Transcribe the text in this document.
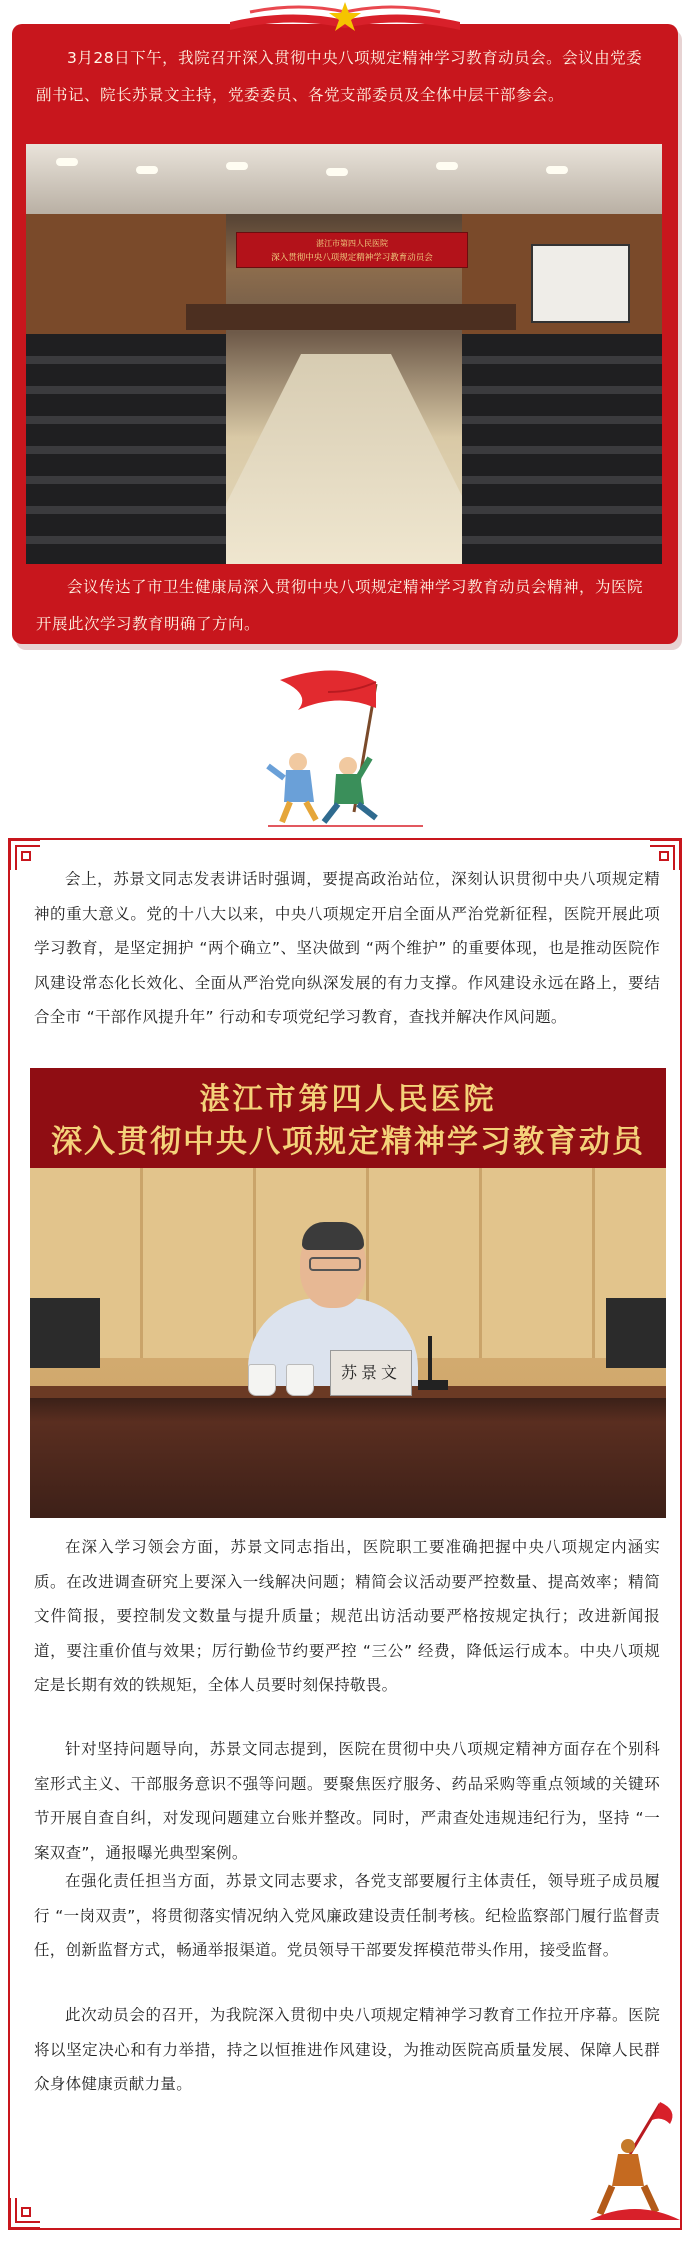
3月28日下午，我院召开深入贯彻中央八项规定精神学习教育动员会。会议由党委副书记、院长苏景文主持，党委委员、各党支部委员及全体中层干部参会。

湛江市第四人民医院
深入贯彻中央八项规定精神学习教育动员会

会议传达了市卫生健康局深入贯彻中央八项规定精神学习教育动员会精神，为医院开展此次学习教育明确了方向。

会上，苏景文同志发表讲话时强调，要提高政治站位，深刻认识贯彻中央八项规定精神的重大意义。党的十八大以来，中央八项规定开启全面从严治党新征程，医院开展此项学习教育，是坚定拥护 “两个确立”、坚决做到 “两个维护” 的重要体现，也是推动医院作风建设常态化长效化、全面从严治党向纵深发展的有力支撑。作风建设永远在路上，要结合全市 “干部作风提升年” 行动和专项党纪学习教育，查找并解决作风问题。

湛江市第四人民医院
深入贯彻中央八项规定精神学习教育动员
苏景文

在深入学习领会方面，苏景文同志指出，医院职工要准确把握中央八项规定内涵实质。在改进调查研究上要深入一线解决问题；精简会议活动要严控数量、提高效率；精简文件简报，要控制发文数量与提升质量；规范出访活动要严格按规定执行；改进新闻报道，要注重价值与效果；厉行勤俭节约要严控 “三公” 经费，降低运行成本。中央八项规定是长期有效的铁规矩，全体人员要时刻保持敬畏。

针对坚持问题导向，苏景文同志提到，医院在贯彻中央八项规定精神方面存在个别科室形式主义、干部服务意识不强等问题。要聚焦医疗服务、药品采购等重点领域的关键环节开展自查自纠，对发现问题建立台账并整改。同时，严肃查处违规违纪行为，坚持 “一案双查”，通报曝光典型案例。

在强化责任担当方面，苏景文同志要求，各党支部要履行主体责任，领导班子成员履行 “一岗双责”，将贯彻落实情况纳入党风廉政建设责任制考核。纪检监察部门履行监督责任，创新监督方式，畅通举报渠道。党员领导干部要发挥模范带头作用，接受监督。

此次动员会的召开，为我院深入贯彻中央八项规定精神学习教育工作拉开序幕。医院将以坚定决心和有力举措，持之以恒推进作风建设，为推动医院高质量发展、保障人民群众身体健康贡献力量。
